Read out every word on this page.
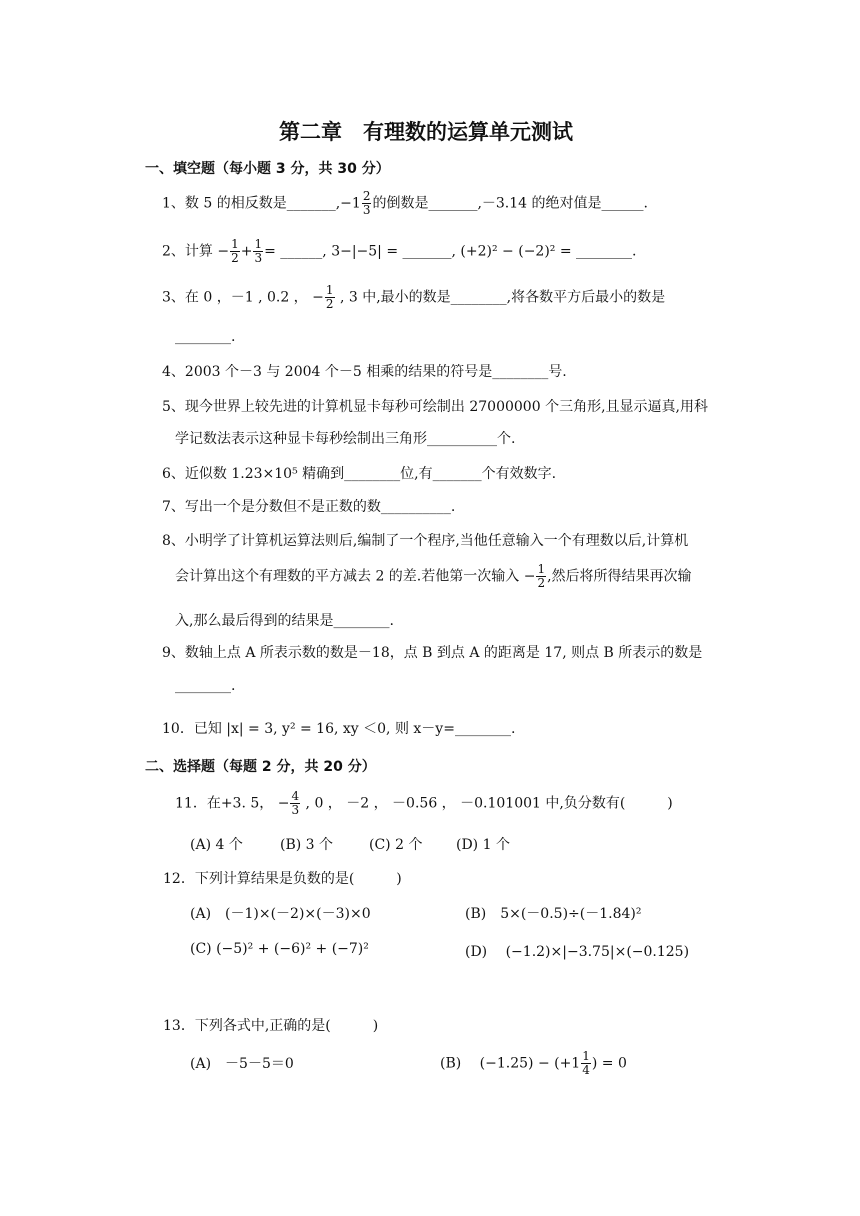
第二章　有理数的运算单元测试
一、填空题（每小题 3 分，共 30 分）
1、数 5 的相反数是_______,−1 $\frac{2}{3}$ 的倒数是_______,－3.14 的绝对值是______.
2、计算 − $\frac{1}{2} + \frac{1}{3}$ = ______, 3−|−5| = _______, (+2)² − (−2)² = ________.
3、在 0 ，－1 , 0.2 ， − $\frac{1}{2}$ , 3 中,最小的数是________,将各数平方后最小的数是
________.
4、2003 个－3 与 2004 个－5 相乘的结果的符号是________号.
5、现今世界上较先进的计算机显卡每秒可绘制出 27000000 个三角形,且显示逼真,用科
学记数法表示这种显卡每秒绘制出三角形__________个.
6、近似数 1.23×10⁵ 精确到________位,有_______个有效数字.
7、写出一个是分数但不是正数的数__________.
8、小明学了计算机运算法则后,编制了一个程序,当他任意输入一个有理数以后,计算机
会计算出这个有理数的平方减去 2 的差.若他第一次输入 − $\frac{1}{2}$ ,然后将所得结果再次输
入,那么最后得到的结果是________.
9、数轴上点 A 所表示数的数是－18，点 B 到点 A 的距离是 17, 则点 B 所表示的数是
________.
10．已知 |x| = 3, y² = 16, xy ＜0, 则 x－y=________.
二、选择题（每题 2 分，共 20 分）
11．在+3. 5， − $\frac{4}{3}$ , 0 ， －2 ， －0.56 ， －0.101001 中,负分数有(　　　)
(A) 4 个	(B) 3 个	(C) 2 个 (D) 1 个
12．下列计算结果是负数的是(　　　)
(A)　(－1)×(－2)×(－3)×0	(B)　5×(－0.5)÷(－1.84)²
(C) (−5)² + (−6)² + (−7)²	(D)　 (−1.2)×|−3.75|×(−0.125)
13．下列各式中,正确的是(　　　)
(A)　－5－5＝0	(B)　 $(-1.25) - (+1 \frac{1}{4}$ ) = 0
